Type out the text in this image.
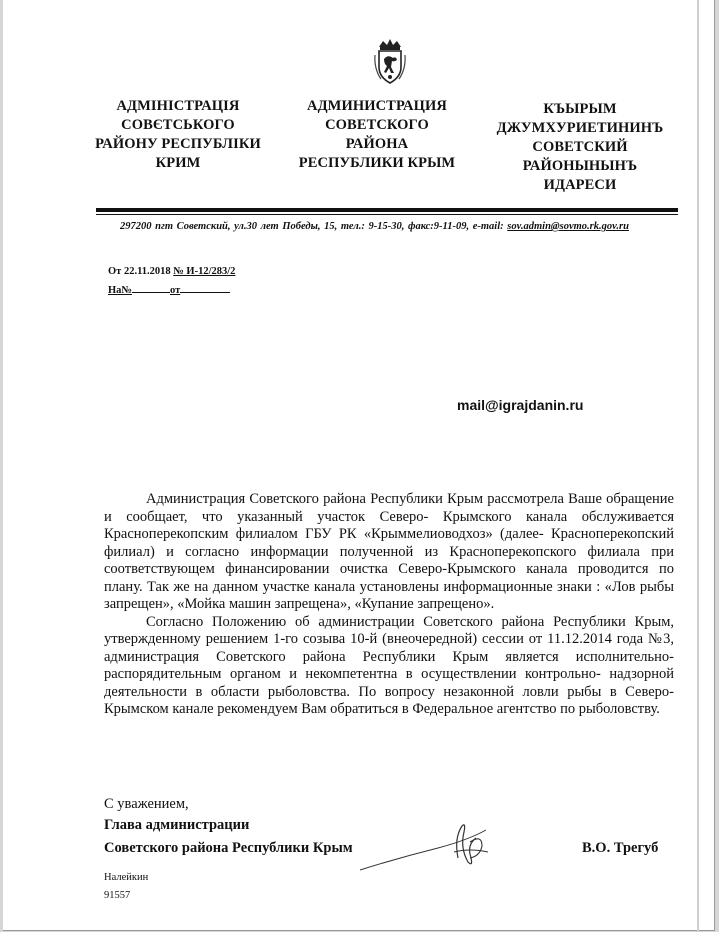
АДМІНІСТРАЦІЯ
СОВЄТСЬКОГО
РАЙОНУ РЕСПУБЛІКИ
КРИМ
АДМИНИСТРАЦИЯ
СОВЕТСКОГО
РАЙОНА
РЕСПУБЛИКИ КРЫМ
КЪЫРЫМ
ДЖУМХУРИЕТИНИНЪ
СОВЕТСКИЙ
РАЙОНЫНЫНЪ
ИДАРЕСИ
297200 пгт Советский, ул.30 лет Победы, 15, тел.: 9-15-30, факс:9-11-09, e-mail: sov.admin@sovmo.rk.gov.ru
От 22.11.2018 № И-12/283/2
На№	от
mail@igrajdanin.ru

Администрация Советского района Республики Крым рассмотрела Ваше обращение и сообщает, что указанный участок Северо- Крымского канала обслуживается Красноперекопским филиалом ГБУ РК «Крыммелиоводхоз» (далее- Красноперекопский филиал) и согласно информации полученной из Красноперекопского филиала при соответствующем финансировании очистка Северо-Крымского канала проводится по плану. Так же на данном участке канала установлены информационные знаки : «Лов рыбы запрещен», «Мойка машин запрещена», «Купание запрещено».

Согласно Положению об администрации Советского района Республики Крым, утвержденному решением 1-го созыва 10-й (внеочередной) сессии от 11.12.2014 года №3, администрация Советского района Республики Крым является исполнительно- распорядительным органом и некомпетентна в осуществлении контрольно- надзорной деятельности в области рыболовства. По вопросу незаконной ловли рыбы в Северо- Крымском канале рекомендуем Вам обратиться в Федеральное агентство по рыболовству.

С уважением,
Глава администрации
Советского района Республики Крым	В.О. Трегуб
Налейкин
91557
